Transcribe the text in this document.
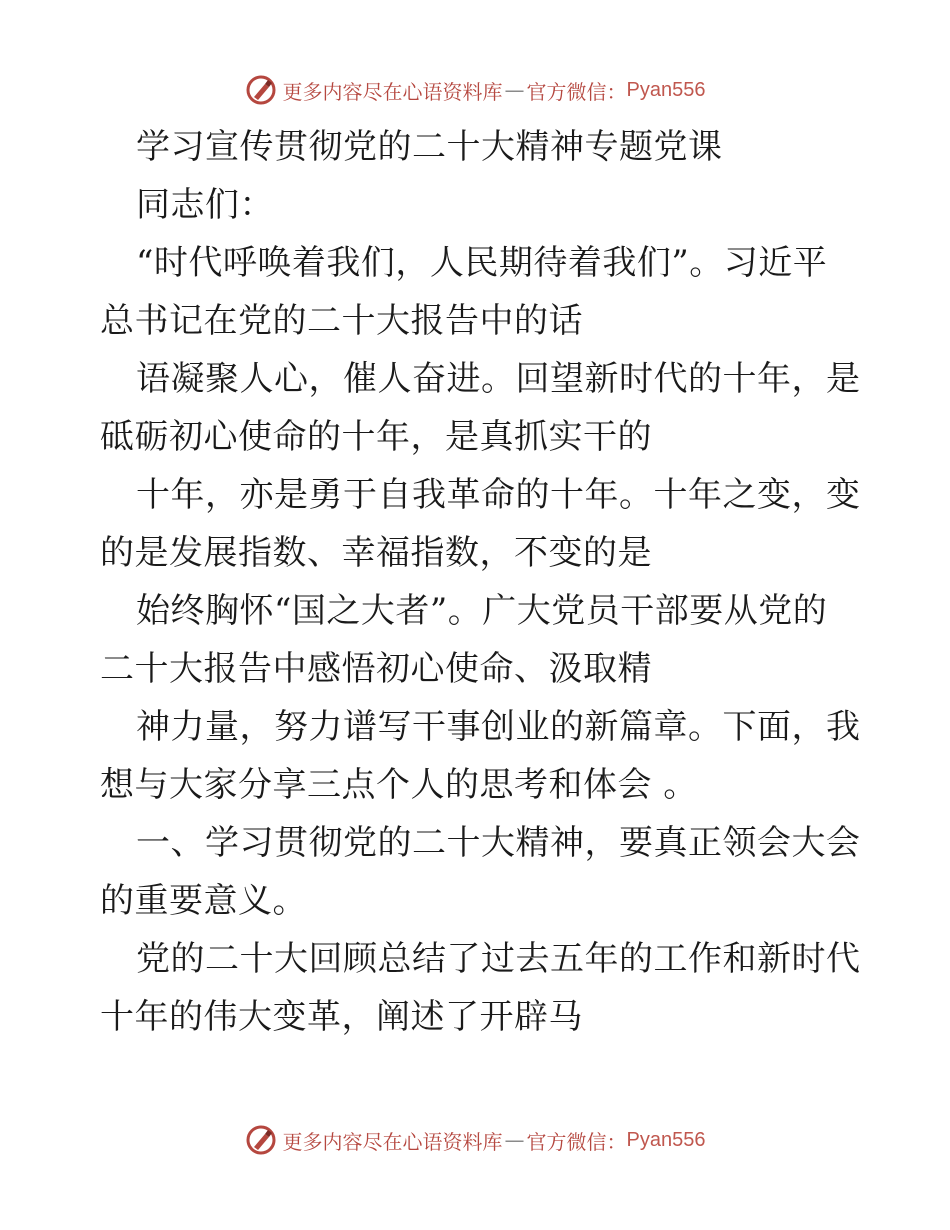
更多内容尽在心语资料库 — 官方微信： Pyan556
学习宣传贯彻党的二十大精神专题党课
同志们：
“时代呼唤着我们，人民期待着我们”。习近平
总书记在党的二十大报告中的话
语凝聚人心，催人奋进。回望新时代的十年，是
砥砺初心使命的十年，是真抓实干的
十年，亦是勇于自我革命的十年。十年之变，变
的是发展指数、幸福指数，不变的是
始终胸怀“国之大者”。广大党员干部要从党的
二十大报告中感悟初心使命、汲取精
神力量，努力谱写干事创业的新篇章。下面，我
想与大家分享三点个人的思考和体会 。
一、学习贯彻党的二十大精神，要真正领会大会
的重要意义。
党的二十大回顾总结了过去五年的工作和新时代
十年的伟大变革，阐述了开辟马
更多内容尽在心语资料库 — 官方微信： Pyan556
